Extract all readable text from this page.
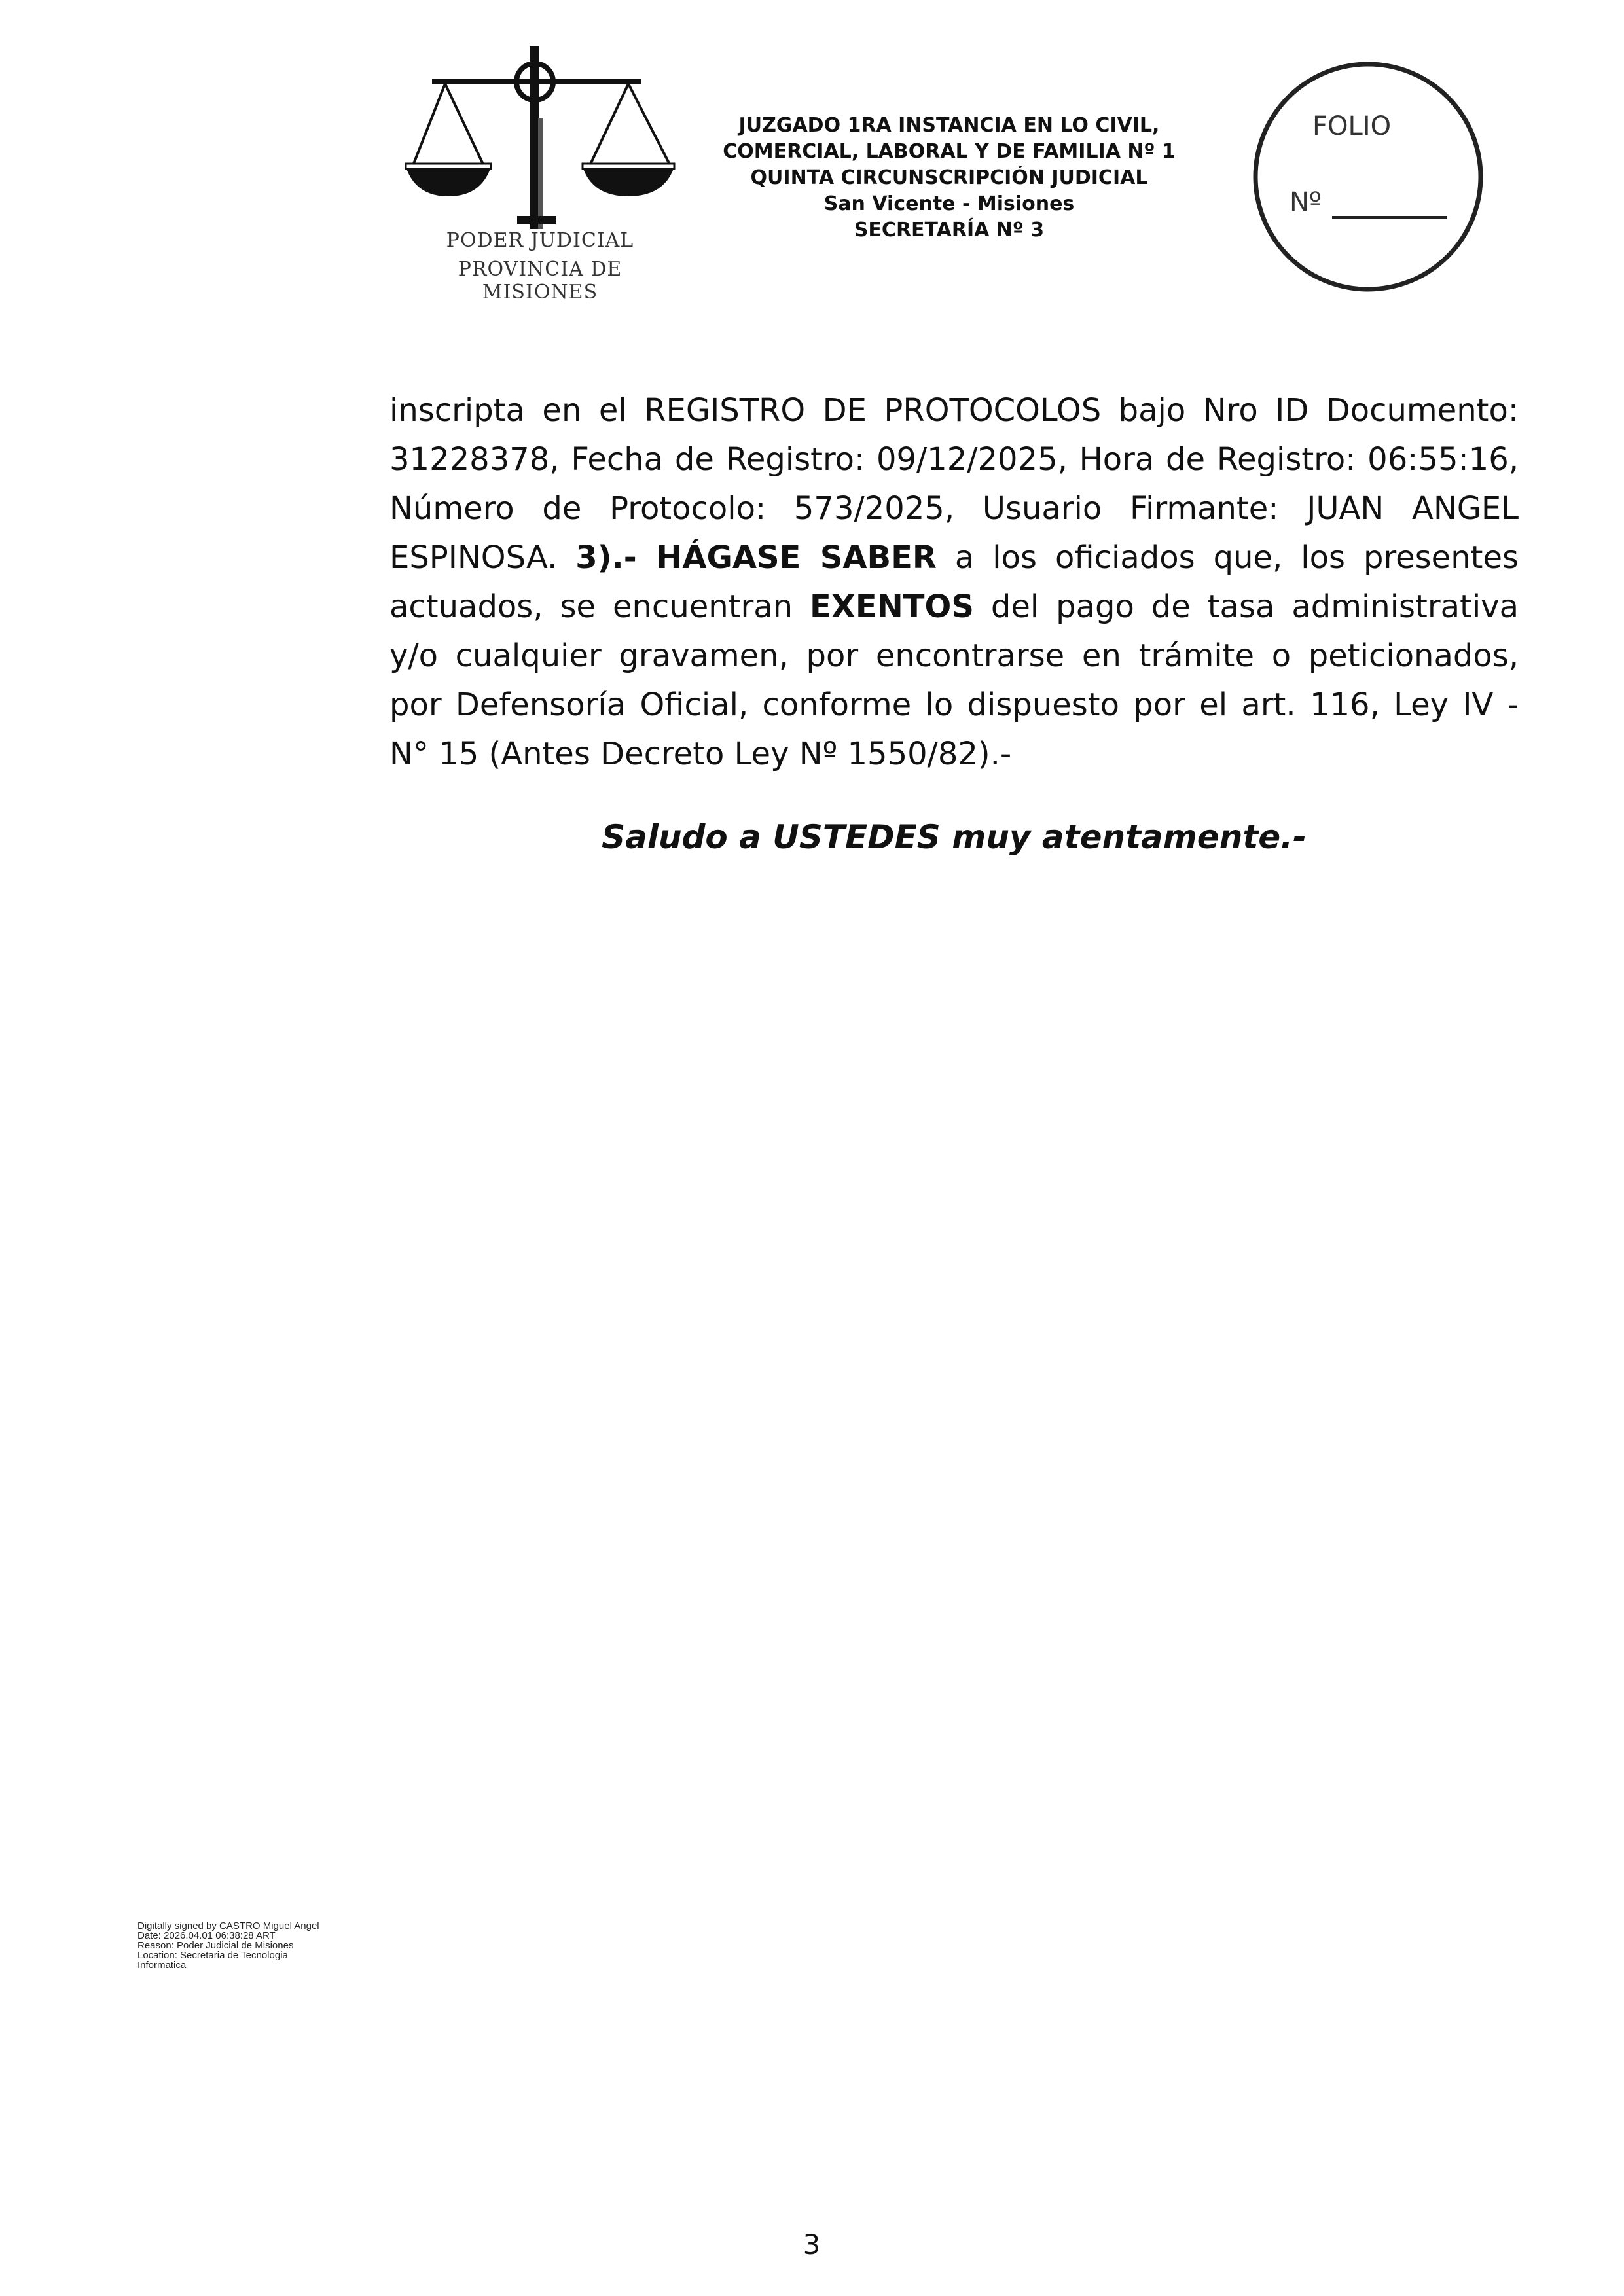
PODER JUDICIAL
PROVINCIA DE MISIONES
JUZGADO 1RA INSTANCIA EN LO CIVIL,
COMERCIAL, LABORAL Y DE FAMILIA Nº 1
QUINTA CIRCUNSCRIPCIÓN JUDICIAL
San Vicente - Misiones
SECRETARÍA Nº 3
FOLIO
Nº
inscripta en el REGISTRO DE PROTOCOLOS bajo Nro ID Documento: 31228378, Fecha de Registro: 09/12/2025, Hora de Registro: 06:55:16, Número de Protocolo: 573/2025, Usuario Firmante: JUAN ANGEL ESPINOSA. 3).- HÁGASE SABER a los oficiados que, los presentes actuados, se encuentran EXENTOS del pago de tasa administrativa y/o cualquier gravamen, por encontrarse en trámite o peticionados, por Defensoría Oficial, conforme lo dispuesto por el art. 116, Ley IV - N° 15 (Antes Decreto Ley Nº 1550/82).-
Saludo a USTEDES muy atentamente.-
Digitally signed by CASTRO Miguel Angel
Date: 2026.04.01 06:38:28 ART
Reason: Poder Judicial de Misiones
Location: Secretaria de Tecnologia
Informatica
3
